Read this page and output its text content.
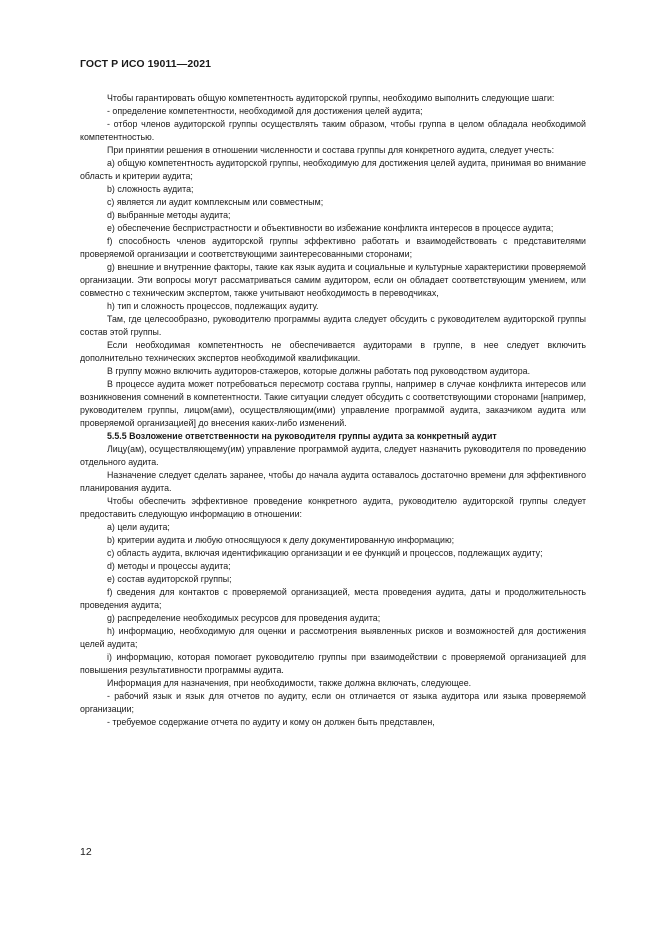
ГОСТ Р ИСО 19011—2021

Чтобы гарантировать общую компетентность аудиторской группы, необходимо выполнить следующие шаги:

- определение компетентности, необходимой для достижения целей аудита;

- отбор членов аудиторской группы осуществлять таким образом, чтобы группа в целом обладала необходимой компетентностью.

При принятии решения в отношении численности и состава группы для конкретного аудита, следует учесть:

а) общую компетентность аудиторской группы, необходимую для достижения целей аудита, принимая во внимание область и критерии аудита;

b) сложность аудита;

с) является ли аудит комплексным или совместным;

d) выбранные методы аудита;

е) обеспечение беспристрастности и объективности во избежание конфликта интересов в процессе аудита;

f) способность членов аудиторской группы эффективно работать и взаимодействовать с представителями проверяемой организации и соответствующими заинтересованными сторонами;

g) внешние и внутренние факторы, такие как язык аудита и социальные и культурные характеристики проверяемой организации. Эти вопросы могут рассматриваться самим аудитором, если он обладает соответствующим умением, или совместно с техническим экспертом, также учитывают необходимость в переводчиках,

h) тип и сложность процессов, подлежащих аудиту.

Там, где целесообразно, руководителю программы аудита следует обсудить с руководителем аудиторской группы состав этой группы.

Если необходимая компетентность не обеспечивается аудиторами в группе, в нее следует включить дополнительно технических экспертов необходимой квалификации.

В группу можно включить аудиторов-стажеров, которые должны работать под руководством аудитора.

В процессе аудита может потребоваться пересмотр состава группы, например в случае конфликта интересов или возникновения сомнений в компетентности. Такие ситуации следует обсудить с соответствующими сторонами [например, руководителем группы, лицом(ами), осуществляющим(ими) управление программой аудита, заказчиком аудита или проверяемой организацией] до внесения каких-либо изменений.

5.5.5 Возложение ответственности на руководителя группы аудита за конкретный аудит

Лицу(ам), осуществляющему(им) управление программой аудита, следует назначить руководителя по проведению отдельного аудита.

Назначение следует сделать заранее, чтобы до начала аудита оставалось достаточно времени для эффективного планирования аудита.

Чтобы обеспечить эффективное проведение конкретного аудита, руководителю аудиторской группы следует предоставить следующую информацию в отношении:

а) цели аудита;

b) критерии аудита и любую относящуюся к делу документированную информацию;

с) область аудита, включая идентификацию организации и ее функций и процессов, подлежащих аудиту;

d) методы и процессы аудита;

е) состав аудиторской группы;

f) сведения для контактов с проверяемой организацией, места проведения аудита, даты и продолжительность проведения аудита;

g) распределение необходимых ресурсов для проведения аудита;

h) информацию, необходимую для оценки и рассмотрения выявленных рисков и возможностей для достижения целей аудита;

i) информацию, которая помогает руководителю группы при взаимодействии с проверяемой организацией для повышения результативности программы аудита.

Информация для назначения, при необходимости, также должна включать, следующее.

- рабочий язык и язык для отчетов по аудиту, если он отличается от языка аудитора или языка проверяемой организации;

- требуемое содержание отчета по аудиту и кому он должен быть представлен,

12
